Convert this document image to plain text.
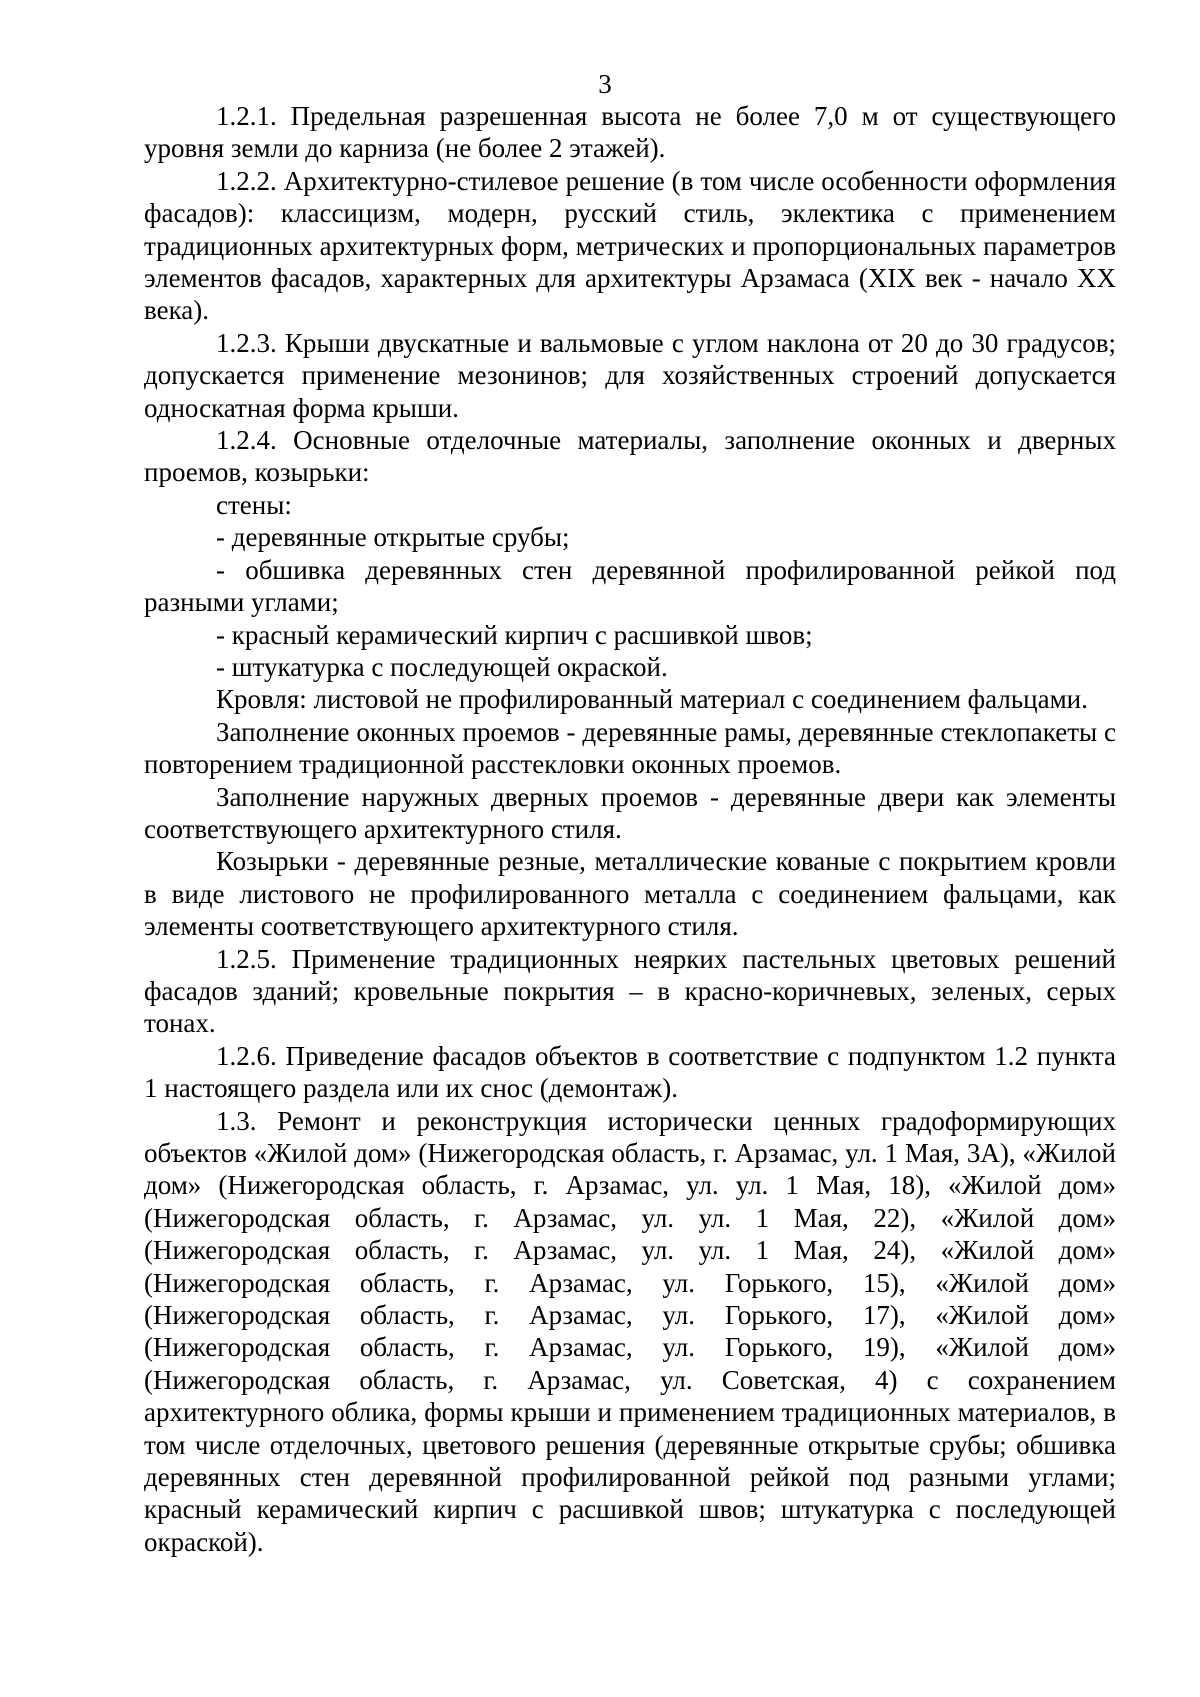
3

1.2.1. Предельная разрешенная высота не более 7,0 м от существующего уровня земли до карниза (не более 2 этажей).

1.2.2. Архитектурно-стилевое решение (в том числе особенности оформления фасадов): классицизм, модерн, русский стиль, эклектика с применением традиционных архитектурных форм, метрических и пропорциональных параметров элементов фасадов, характерных для архитектуры Арзамаса (XIX век - начало XX века).

1.2.3. Крыши двускатные и вальмовые с углом наклона от 20 до 30 градусов; допускается применение мезонинов; для хозяйственных строений допускается односкатная форма крыши.

1.2.4. Основные отделочные материалы, заполнение оконных и дверных проемов, козырьки:

стены:

- деревянные открытые срубы;

- обшивка деревянных стен деревянной профилированной рейкой под разными углами;

- красный керамический кирпич с расшивкой швов;

- штукатурка с последующей окраской.

Кровля: листовой не профилированный материал с соединением фальцами.

Заполнение оконных проемов - деревянные рамы, деревянные стеклопакеты с повторением традиционной расстекловки оконных проемов.

Заполнение наружных дверных проемов - деревянные двери как элементы соответствующего архитектурного стиля.

Козырьки - деревянные резные, металлические кованые с покрытием кровли в виде листового не профилированного металла с соединением фальцами, как элементы соответствующего архитектурного стиля.

1.2.5. Применение традиционных неярких пастельных цветовых решений фасадов зданий; кровельные покрытия – в красно-коричневых, зеленых, серых тонах.

1.2.6. Приведение фасадов объектов в соответствие с подпунктом 1.2 пункта 1 настоящего раздела или их снос (демонтаж).

1.3. Ремонт и реконструкция исторически ценных градоформирующих объектов «Жилой дом» (Нижегородская область, г. Арзамас, ул. 1 Мая, 3А), «Жилой дом» (Нижегородская область, г. Арзамас, ул. ул. 1 Мая, 18), «Жилой дом» (Нижегородская область, г. Арзамас, ул. ул. 1 Мая, 22), «Жилой дом» (Нижегородская область, г. Арзамас, ул. ул. 1 Мая, 24), «Жилой дом» (Нижегородская область, г. Арзамас, ул. Горького, 15), «Жилой дом» (Нижегородская область, г. Арзамас, ул. Горького, 17), «Жилой дом» (Нижегородская область, г. Арзамас, ул. Горького, 19), «Жилой дом» (Нижегородская область, г. Арзамас, ул. Советская, 4) с сохранением архитектурного облика, формы крыши и применением традиционных материалов, в том числе отделочных, цветового решения (деревянные открытые срубы; обшивка деревянных стен деревянной профилированной рейкой под разными углами; красный керамический кирпич с расшивкой швов; штукатурка с последующей окраской).
